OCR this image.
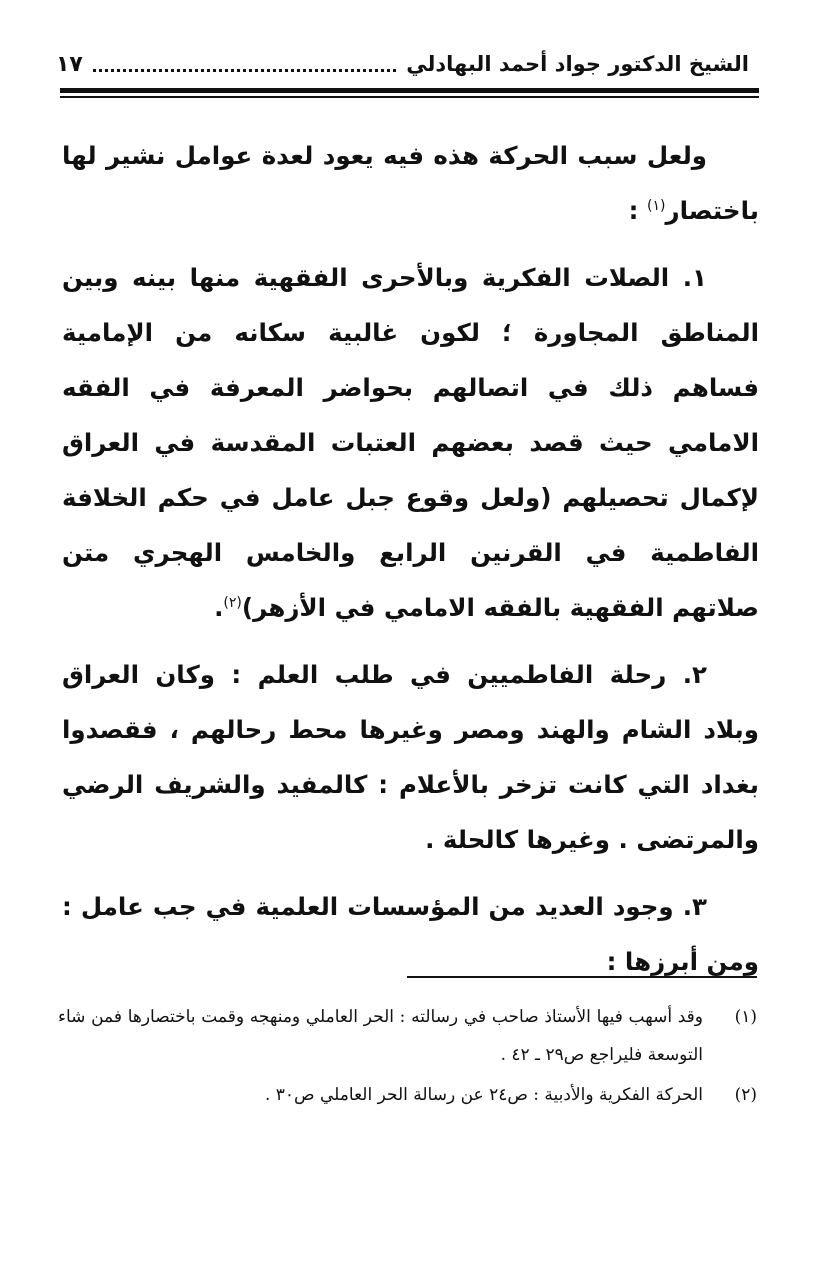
الشيخ الدكتور جواد أحمد البهادلي
١٧

ولعل سبب الحركة هذه فيه يعود لعدة عوامل نشير لها باختصار$^{(١)}$ :

١. الصلات الفكرية وبالأحرى الفقهية منها بينه وبين المناطق المجاورة ؛ لكون غالبية سكانه من الإمامية فساهم ذلك في اتصالهم بحواضر المعرفة في الفقه الامامي حيث قصد بعضهم العتبات المقدسة في العراق لإكمال تحصيلهم (ولعل وقوع جبل عامل في حكم الخلافة الفاطمية في القرنين الرابع والخامس الهجري متن صلاتهم الفقهية بالفقه الامامي في الأزهر)$^{(٢)}$.

٢. رحلة الفاطميين في طلب العلم : وكان العراق وبلاد الشام والهند ومصر وغيرها محط رحالهم ، فقصدوا بغداد التي كانت تزخر بالأعلام : كالمفيد والشريف الرضي والمرتضى . وغيرها كالحلة .

٣. وجود العديد من المؤسسات العلمية في جب عامل : ومن أبرزها :

(١)
وقد أسهب فيها الأستاذ صاحب في رسالته : الحر العاملي ومنهجه وقمت باختصارها فمن شاء التوسعة فليراجع ص٢٩ ـ ٤٢ .
(٢)
الحركة الفكرية والأدبية : ص٢٤ عن رسالة الحر العاملي ص٣٠ .
